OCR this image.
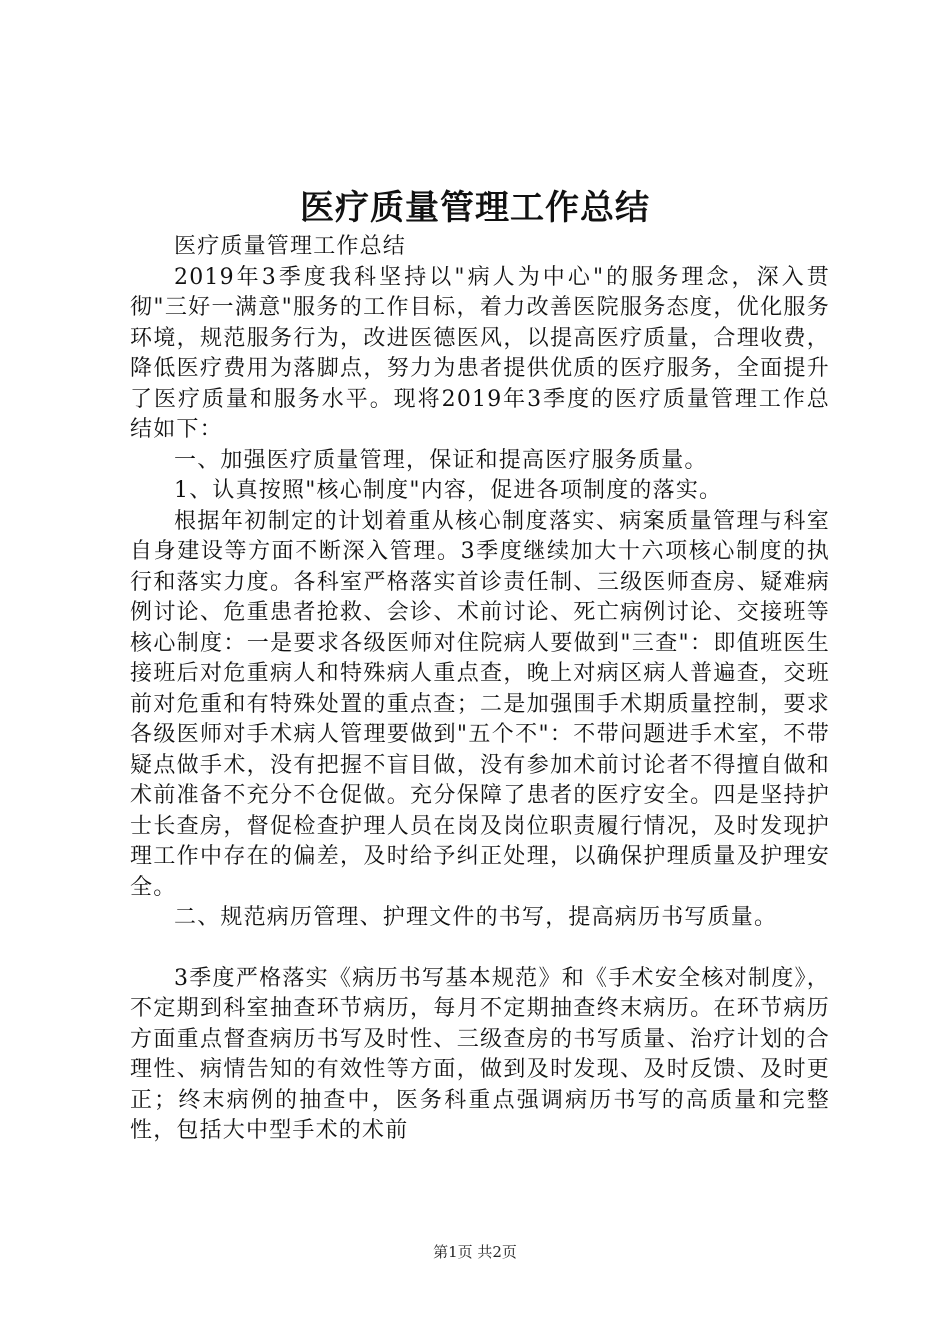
医疗质量管理工作总结

医疗质量管理工作总结

2019年3季度我科坚持以"病人为中心"的服务理念，深入贯彻"三好一满意"服务的工作目标，着力改善医院服务态度，优化服务环境，规范服务行为，改进医德医风，以提高医疗质量，合理收费，降低医疗费用为落脚点，努力为患者提供优质的医疗服务，全面提升了医疗质量和服务水平。现将2019年3季度的医疗质量管理工作总结如下：

一、加强医疗质量管理，保证和提高医疗服务质量。

1、认真按照"核心制度"内容，促进各项制度的落实。

根据年初制定的计划着重从核心制度落实、病案质量管理与科室自身建设等方面不断深入管理。3季度继续加大十六项核心制度的执行和落实力度。各科室严格落实首诊责任制、三级医师查房、疑难病例讨论、危重患者抢救、会诊、术前讨论、死亡病例讨论、交接班等核心制度：一是要求各级医师对住院病人要做到"三查"：即值班医生接班后对危重病人和特殊病人重点查，晚上对病区病人普遍查，交班前对危重和有特殊处置的重点查；二是加强围手术期质量控制，要求各级医师对手术病人管理要做到"五个不"：不带问题进手术室，不带疑点做手术，没有把握不盲目做，没有参加术前讨论者不得擅自做和术前准备不充分不仓促做。充分保障了患者的医疗安全。四是坚持护士长查房，督促检查护理人员在岗及岗位职责履行情况，及时发现护理工作中存在的偏差，及时给予纠正处理，以确保护理质量及护理安全。

二、规范病历管理、护理文件的书写，提高病历书写质量。

3季度严格落实《病历书写基本规范》和《手术安全核对制度》，不定期到科室抽查环节病历，每月不定期抽查终末病历。在环节病历方面重点督查病历书写及时性、三级查房的书写质量、治疗计划的合理性、病情告知的有效性等方面，做到及时发现、及时反馈、及时更正；终末病例的抽查中，医务科重点强调病历书写的高质量和完整性，包括大中型手术的术前

第1页 共2页
